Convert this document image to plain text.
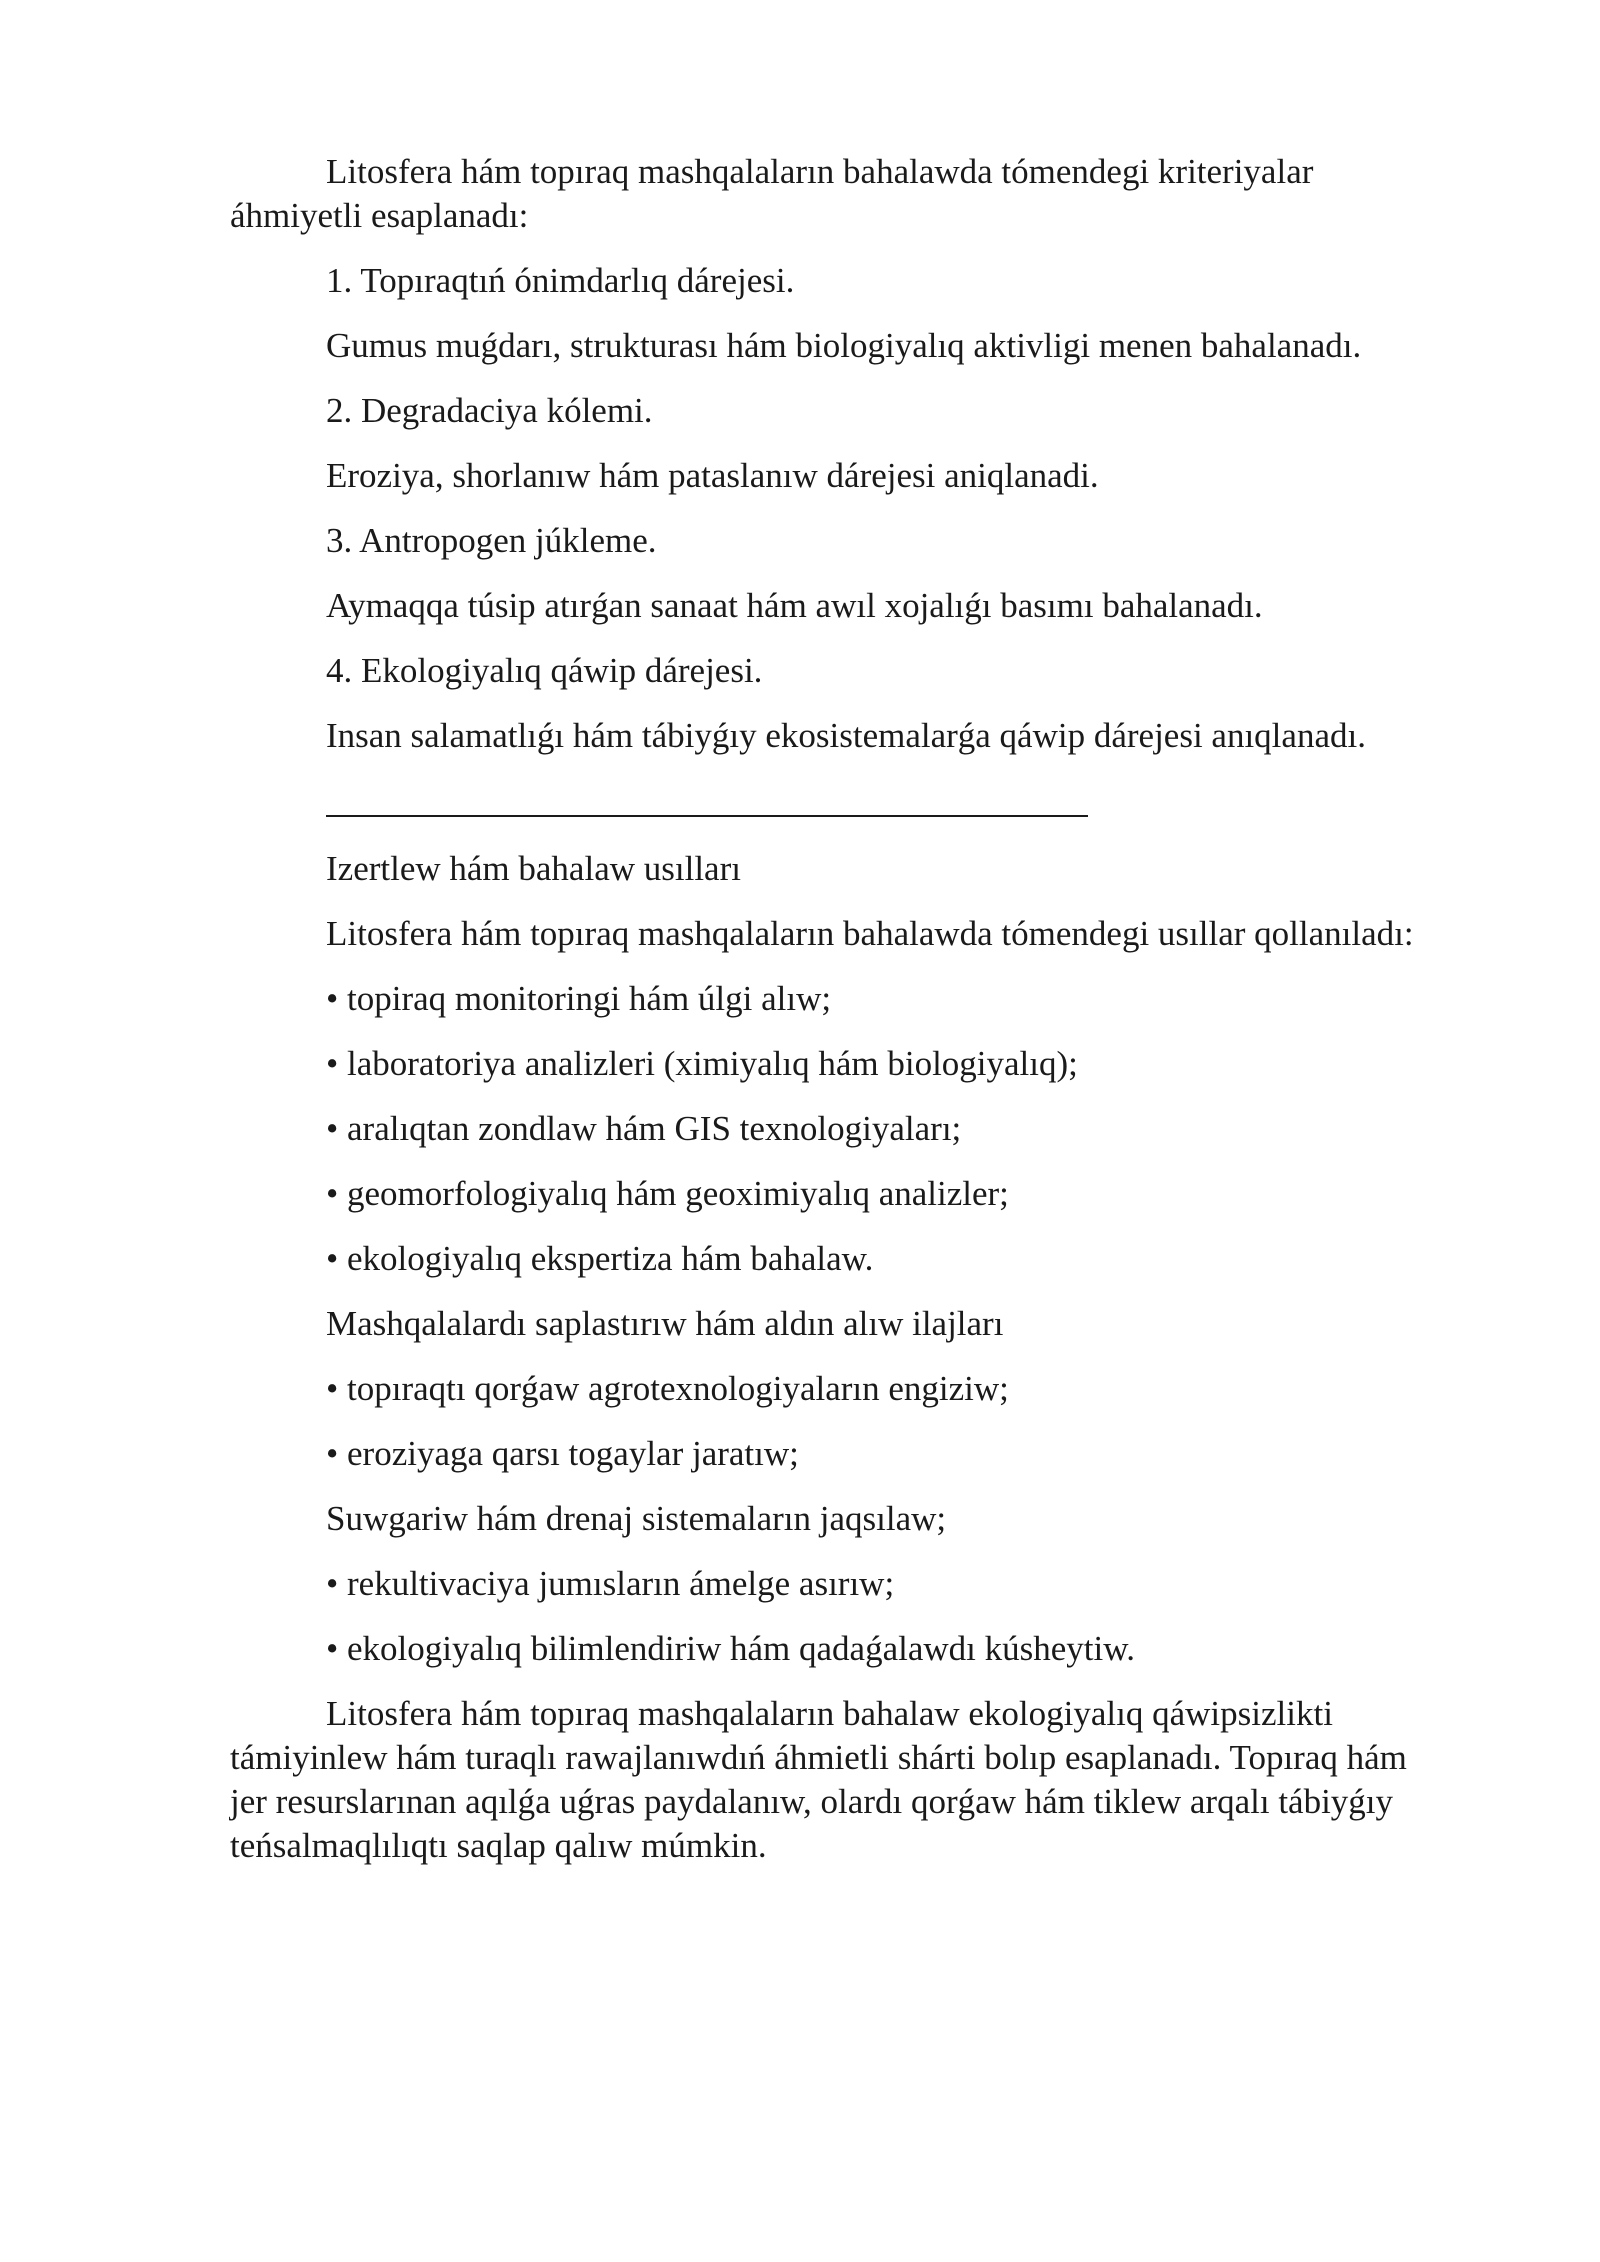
Litosfera hám topıraq mashqalaların bahalawda tómendegi kriteriyalar áhmiyetli esaplanadı:

1. Topıraqtıń ónimdarlıq dárejesi.

Gumus muǵdarı, strukturası hám biologiyalıq aktivligi menen bahalanadı.

2. Degradaciya kólemi.

Eroziya, shorlanıw hám pataslanıw dárejesi aniqlanadi.

3. Antropogen júkleme.

Aymaqqa túsip atırǵan sanaat hám awıl xojalıǵı basımı bahalanadı.

4. Ekologiyalıq qáwip dárejesi.

Insan salamatlıǵı hám tábiyǵıy ekosistemalarǵa qáwip dárejesi anıqlanadı.

Izertlew hám bahalaw usılları

Litosfera hám topıraq mashqalaların bahalawda tómendegi usıllar qollanıladı:

• topiraq monitoringi hám úlgi alıw;

• laboratoriya analizleri (ximiyalıq hám biologiyalıq);

• aralıqtan zondlaw hám GIS texnologiyaları;

• geomorfologiyalıq hám geoximiyalıq analizler;

• ekologiyalıq ekspertiza hám bahalaw.

Mashqalalardı saplastırıw hám aldın alıw ilajları

• topıraqtı qorǵaw agrotexnologiyaların engiziw;

• eroziyaga qarsı togaylar jaratıw;

Suwgariw hám drenaj sistemaların jaqsılaw;

• rekultivaciya jumısların ámelge asırıw;

• ekologiyalıq bilimlendiriw hám qadaǵalawdı kúsheytiw.

Litosfera hám topıraq mashqalaların bahalaw ekologiyalıq qáwipsizlikti támiyinlew hám turaqlı rawajlanıwdıń áhmietli shárti bolıp esaplanadı. Topıraq hám jer resurslarınan aqılǵa uǵras paydalanıw, olardı qorǵaw hám tiklew arqalı tábiyǵıy teńsalmaqlılıqtı saqlap qalıw múmkin.
